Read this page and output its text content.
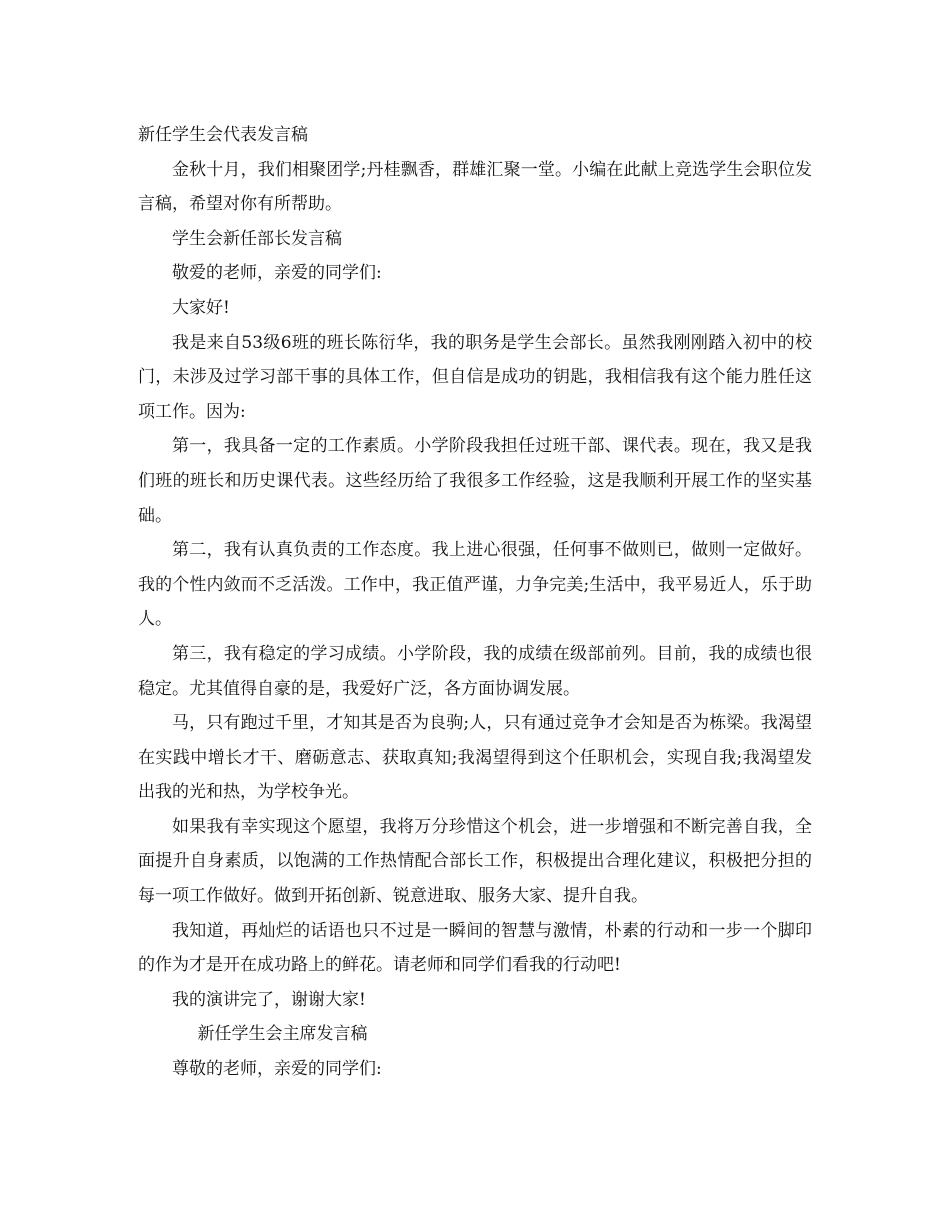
新任学生会代表发言稿

金秋十月，我们相聚团学;丹桂飘香，群雄汇聚一堂。小编在此献上竞选学生会职位发言稿，希望对你有所帮助。

学生会新任部长发言稿

敬爱的老师，亲爱的同学们:

大家好!

我是来自53级6班的班长陈衍华，我的职务是学生会部长。虽然我刚刚踏入初中的校门，未涉及过学习部干事的具体工作，但自信是成功的钥匙，我相信我有这个能力胜任这项工作。因为:

第一，我具备一定的工作素质。小学阶段我担任过班干部、课代表。现在，我又是我们班的班长和历史课代表。这些经历给了我很多工作经验，这是我顺利开展工作的坚实基础。

第二，我有认真负责的工作态度。我上进心很强，任何事不做则已，做则一定做好。我的个性内敛而不乏活泼。工作中，我正值严谨，力争完美;生活中，我平易近人，乐于助人。

第三，我有稳定的学习成绩。小学阶段，我的成绩在级部前列。目前，我的成绩也很稳定。尤其值得自豪的是，我爱好广泛，各方面协调发展。

马，只有跑过千里，才知其是否为良驹;人，只有通过竞争才会知是否为栋梁。我渴望在实践中增长才干、磨砺意志、获取真知;我渴望得到这个任职机会，实现自我;我渴望发出我的光和热，为学校争光。

如果我有幸实现这个愿望，我将万分珍惜这个机会，进一步增强和不断完善自我，全面提升自身素质，以饱满的工作热情配合部长工作，积极提出合理化建议，积极把分担的每一项工作做好。做到开拓创新、锐意进取、服务大家、提升自我。

我知道，再灿烂的话语也只不过是一瞬间的智慧与激情，朴素的行动和一步一个脚印的作为才是开在成功路上的鲜花。请老师和同学们看我的行动吧!

我的演讲完了，谢谢大家!

新任学生会主席发言稿

尊敬的老师，亲爱的同学们:
